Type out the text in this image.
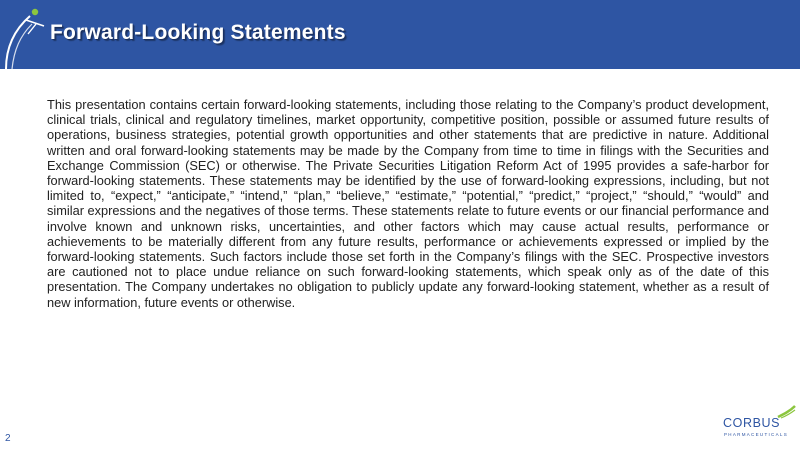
Forward-Looking Statements

This presentation contains certain forward-looking statements, including those relating to the Company’s product development, clinical trials, clinical and regulatory timelines, market opportunity, competitive position, possible or assumed future results of operations, business strategies, potential growth opportunities and other statements that are predictive in nature. Additional written and oral forward-looking statements may be made by the Company from time to time in filings with the Securities and Exchange Commission (SEC) or otherwise. The Private Securities Litigation Reform Act of 1995 provides a safe-harbor for forward-looking statements. These statements may be identified by the use of forward-looking expressions, including, but not limited to, “expect,” “anticipate,” “intend,” “plan,” “believe,” “estimate,” “potential,” “predict,” “project,” “should,” “would” and similar expressions and the negatives of those terms. These statements relate to future events or our financial performance and involve known and unknown risks, uncertainties, and other factors which may cause actual results, performance or achievements to be materially different from any future results, performance or achievements expressed or implied by the forward-looking statements. Such factors include those set forth in the Company’s filings with the SEC. Prospective investors are cautioned not to place undue reliance on such forward-looking statements, which speak only as of the date of this presentation. The Company undertakes no obligation to publicly update any forward-looking statement, whether as a result of new information, future events or otherwise.

2
CORBUS
PHARMACEUTICALS
